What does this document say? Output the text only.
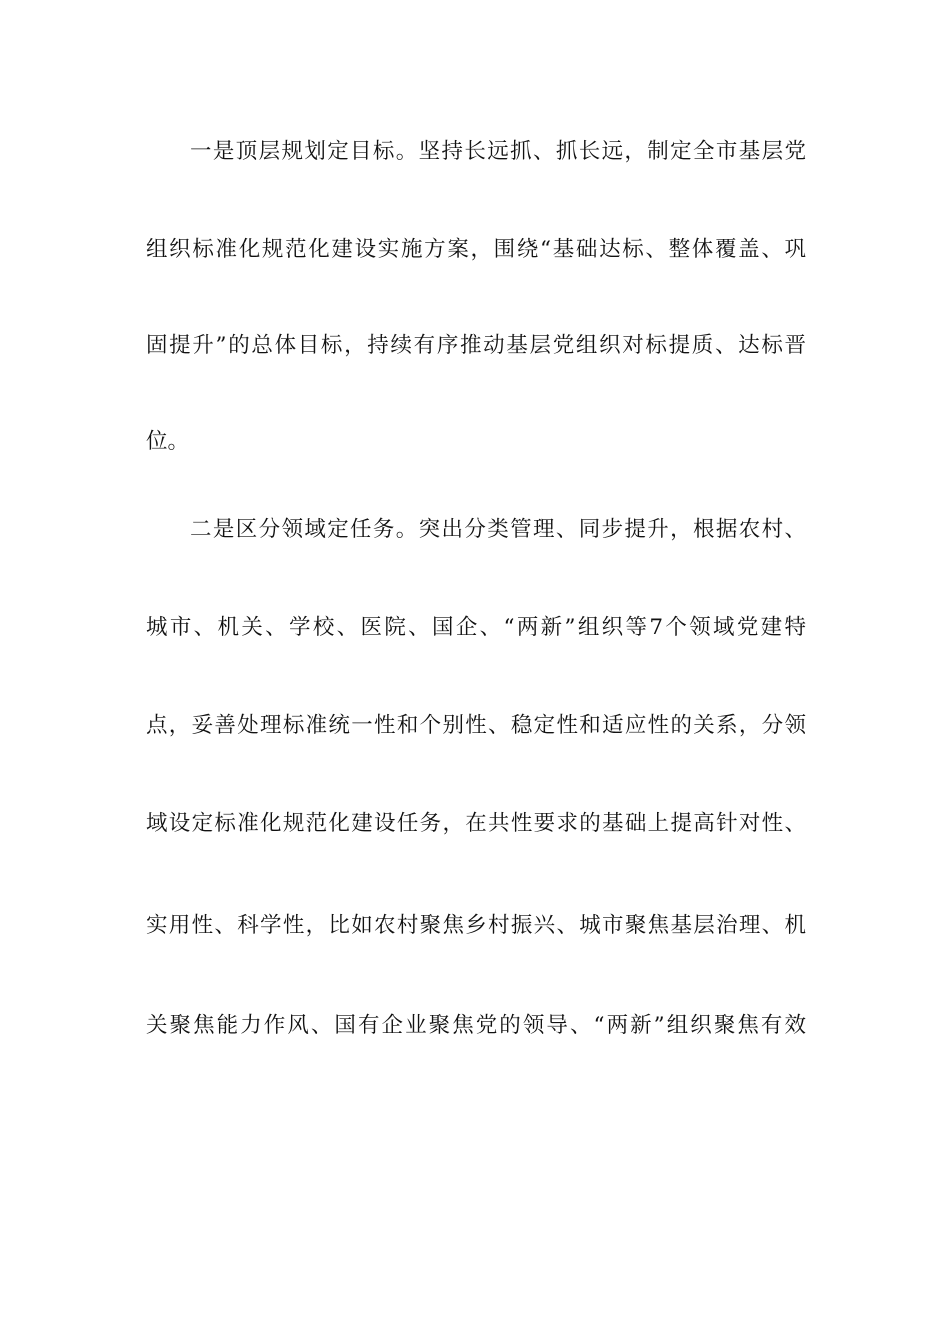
一是顶层规划定目标。坚持长远抓、抓长远，制定全市基层党
组织标准化规范化建设实施方案，围绕“基础达标、整体覆盖、巩
固提升”的总体目标，持续有序推动基层党组织对标提质、达标晋
位。
二是区分领域定任务。突出分类管理、同步提升，根据农村、
城市、机关、学校、医院、国企、“两新”组织等7个领域党建特
点，妥善处理标准统一性和个别性、稳定性和适应性的关系，分领
域设定标准化规范化建设任务，在共性要求的基础上提高针对性、
实用性、科学性，比如农村聚焦乡村振兴、城市聚焦基层治理、机
关聚焦能力作风、国有企业聚焦党的领导、“两新”组织聚焦有效
